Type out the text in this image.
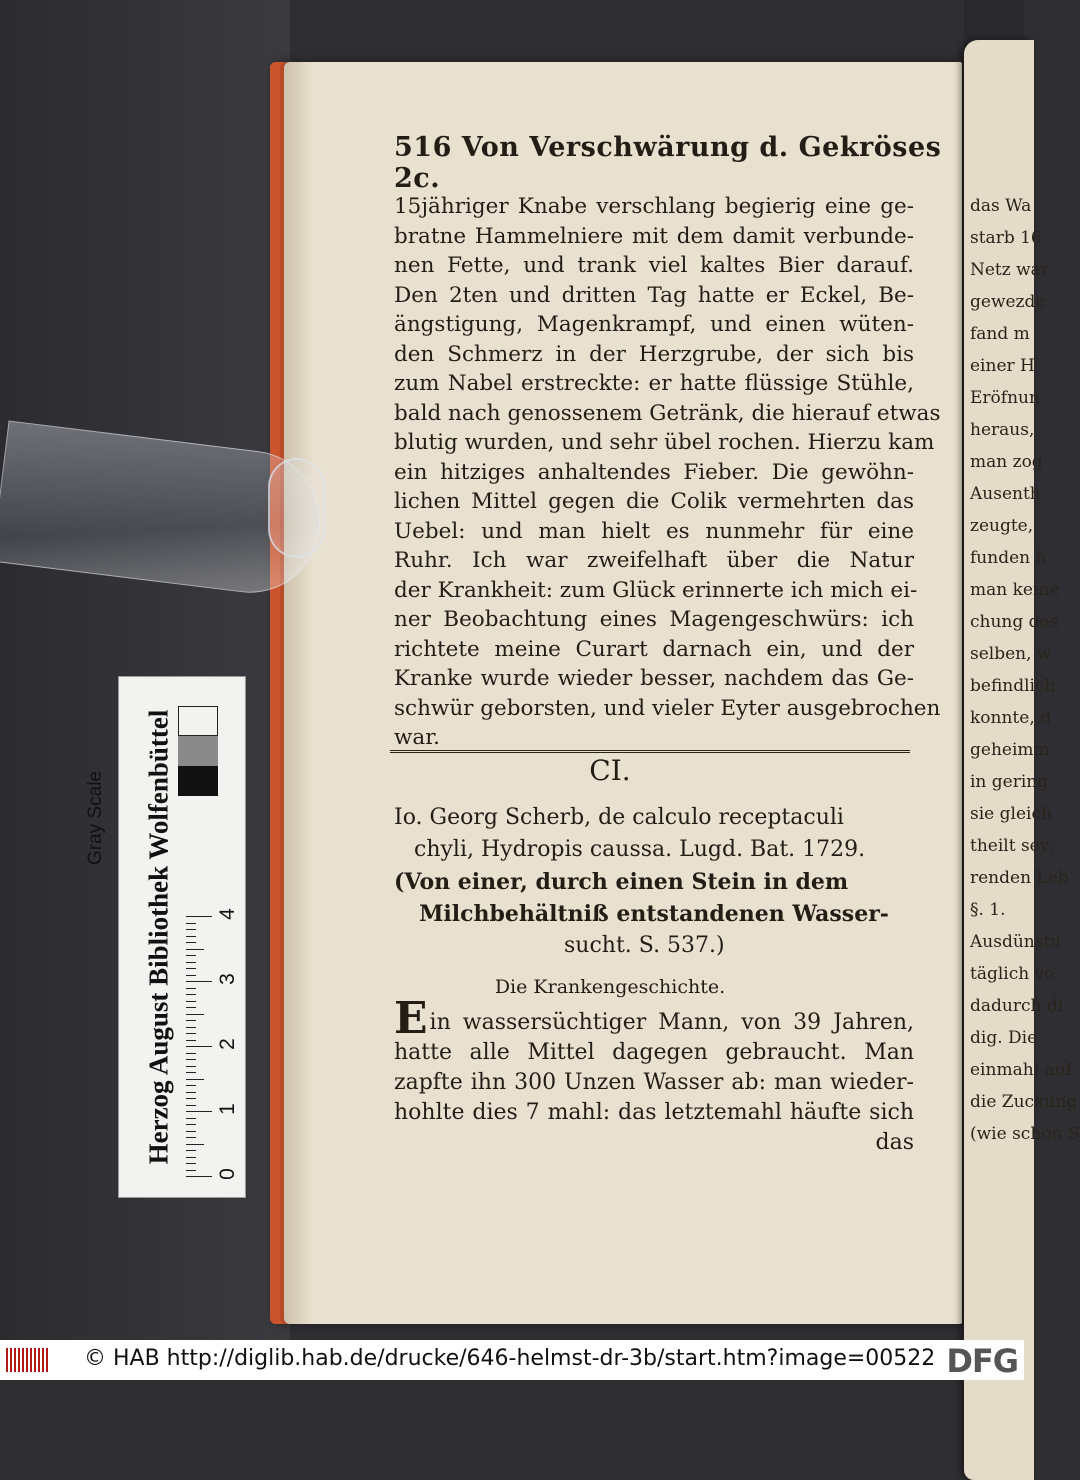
516 Von Verschwärung d. Gekröses 2c.
15jähriger Knabe verschlang begierig eine ge-
bratne Hammelniere mit dem damit verbunde-
nen Fette, und trank viel kaltes Bier darauf.
Den 2ten und dritten Tag hatte er Eckel, Be-
ängstigung, Magenkrampf, und einen wüten-
den Schmerz in der Herzgrube, der sich bis
zum Nabel erstreckte: er hatte flüssige Stühle,
bald nach genossenem Getränk, die hierauf etwas
blutig wurden, und sehr übel rochen. Hierzu kam
ein hitziges anhaltendes Fieber. Die gewöhn-
lichen Mittel gegen die Colik vermehrten das
Uebel: und man hielt es nunmehr für eine
Ruhr. Ich war zweifelhaft über die Natur
der Krankheit: zum Glück erinnerte ich mich ei-
ner Beobachtung eines Magengeschwürs: ich
richtete meine Curart darnach ein, und der
Kranke wurde wieder besser, nachdem das Ge-
schwür geborsten, und vieler Eyter ausgebrochen
war.
CI.
Io. Georg Scherb, de calculo receptaculi
chyli, Hydropis caussa. Lugd. Bat. 1729.
(Von einer, durch einen Stein in dem
Milchbehältniß entstandenen Wasser-
sucht. S. 537.)
Die Krankengeschichte.
Ein wassersüchtiger Mann, von 39 Jahren,
hatte alle Mittel dagegen gebraucht. Man
zapfte ihn 300 Unzen Wasser ab: man wieder-
hohlte dies 7 mahl: das letztemahl häufte sich
das
das Wa
starb 16
Netz war
gewezde
fand m
einer H
Eröfnun
heraus,
man zog
Ausenth
zeugte,
funden h
man keine
chung des
selben, w
befindlich
konnte, d
geheimm
in gering
sie gleich
theilt sey;
renden Leb
§. 1.
Ausdünstu
täglich vo
dadurch di
dig. Die
einmahl auf
die Zuckung
(wie schon S
Herzog August Bibliothek Wolfenbüttel
Gray Scale
0
1
2
3
4
© HAB http://diglib.hab.de/drucke/646-helmst-dr-3b/start.htm?image=00522 DFG
